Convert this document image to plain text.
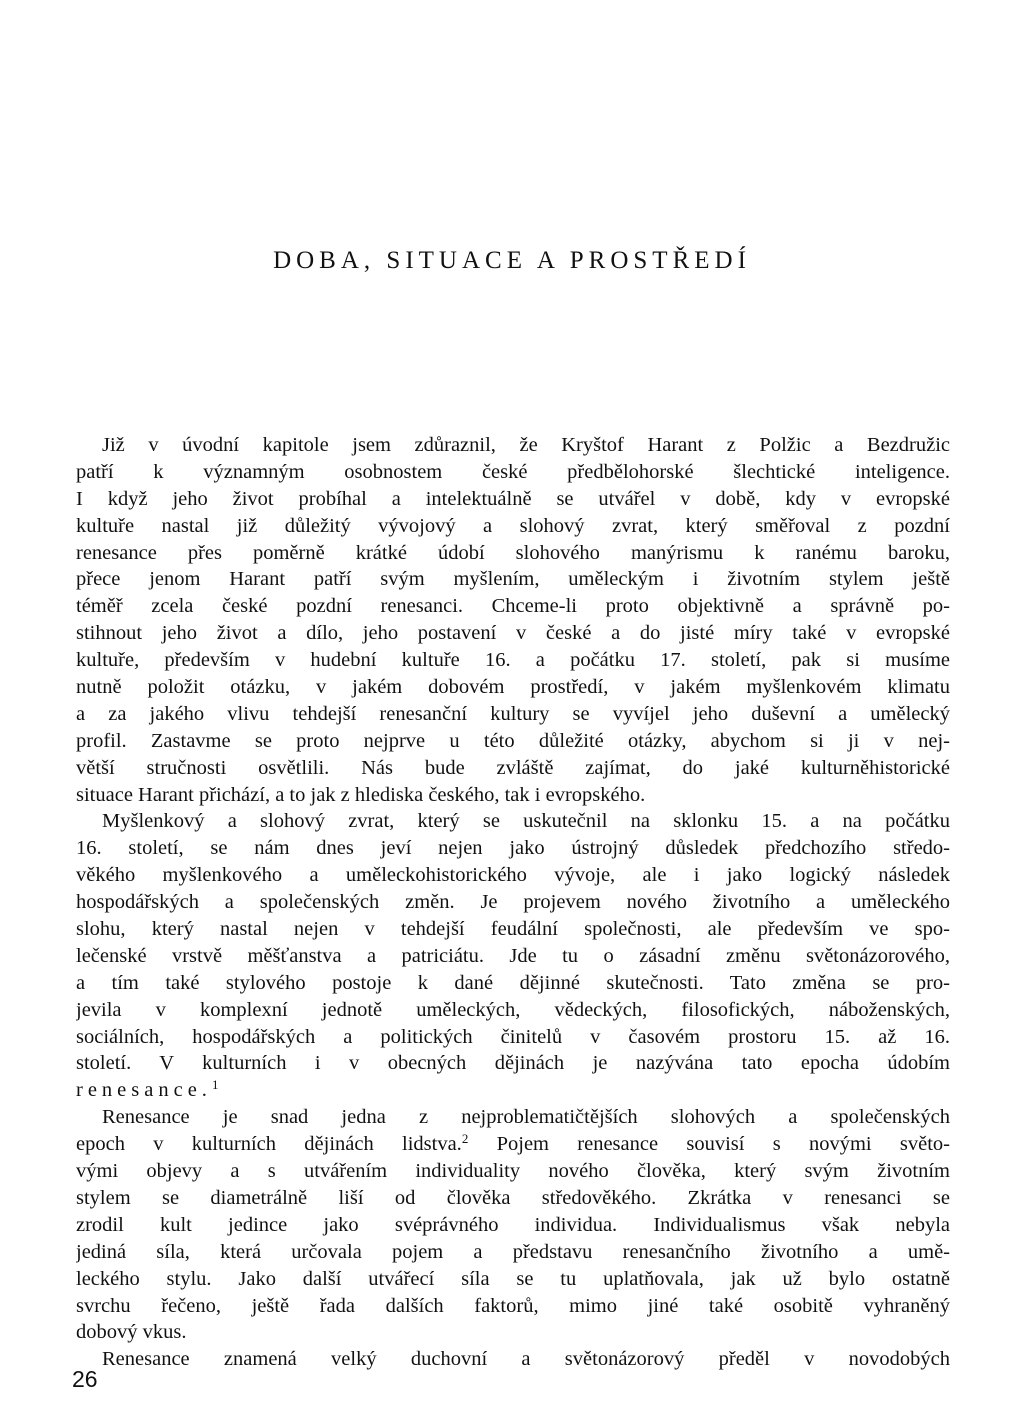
DOBA, SITUACE A PROSTŘEDÍ
Již v úvodní kapitole jsem zdůraznil, že Kryštof Harant z Polžic a Bezdružic
patří k významným osobnostem české předbělohorské šlechtické inteligence.
I když jeho život probíhal a intelektuálně se utvářel v době, kdy v evropské
kultuře nastal již důležitý vývojový a slohový zvrat, který směřoval z pozdní
renesance přes poměrně krátké údobí slohového manýrismu k ranému baroku,
přece jenom Harant patří svým myšlením, uměleckým i životním stylem ještě
téměř zcela české pozdní renesanci. Chceme-li proto objektivně a správně po-
stihnout jeho život a dílo, jeho postavení v české a do jisté míry také v evropské
kultuře, především v hudební kultuře 16. a počátku 17. století, pak si musíme
nutně položit otázku, v jakém dobovém prostředí, v jakém myšlenkovém klimatu
a za jakého vlivu tehdejší renesanční kultury se vyvíjel jeho duševní a umělecký
profil. Zastavme se proto nejprve u této důležité otázky, abychom si ji v nej-
větší stručnosti osvětlili. Nás bude zvláště zajímat, do jaké kulturněhistorické
situace Harant přichází, a to jak z hlediska českého, tak i evropského.
Myšlenkový a slohový zvrat, který se uskutečnil na sklonku 15. a na počátku
16. století, se nám dnes jeví nejen jako ústrojný důsledek předchozího středo-
věkého myšlenkového a uměleckohistorického vývoje, ale i jako logický následek
hospodářských a společenských změn. Je projevem nového životního a uměleckého
slohu, který nastal nejen v tehdejší feudální společnosti, ale především ve spo-
lečenské vrstvě měšťanstva a patriciátu. Jde tu o zásadní změnu světonázorového,
a tím také stylového postoje k dané dějinné skutečnosti. Tato změna se pro-
jevila v komplexní jednotě uměleckých, vědeckých, filosofických, náboženských,
sociálních, hospodářských a politických činitelů v časovém prostoru 15. až 16.
století. V kulturních i v obecných dějinách je nazývána tato epocha údobím
renesance.$^1$
Renesance je snad jedna z nejproblematičtějších slohových a společenských
epoch v kulturních dějinách lidstva.$^2$ Pojem renesance souvisí s novými světo-
vými objevy a s utvářením individuality nového člověka, který svým životním
stylem se diametrálně liší od člověka středověkého. Zkrátka v renesanci se
zrodil kult jedince jako svéprávného individua. Individualismus však nebyla
jediná síla, která určovala pojem a představu renesančního životního a umě-
leckého stylu. Jako další utvářecí síla se tu uplatňovala, jak už bylo ostatně
svrchu řečeno, ještě řada dalších faktorů, mimo jiné také osobitě vyhraněný
dobový vkus.
Renesance znamená velký duchovní a světonázorový předěl v novodobých

26
